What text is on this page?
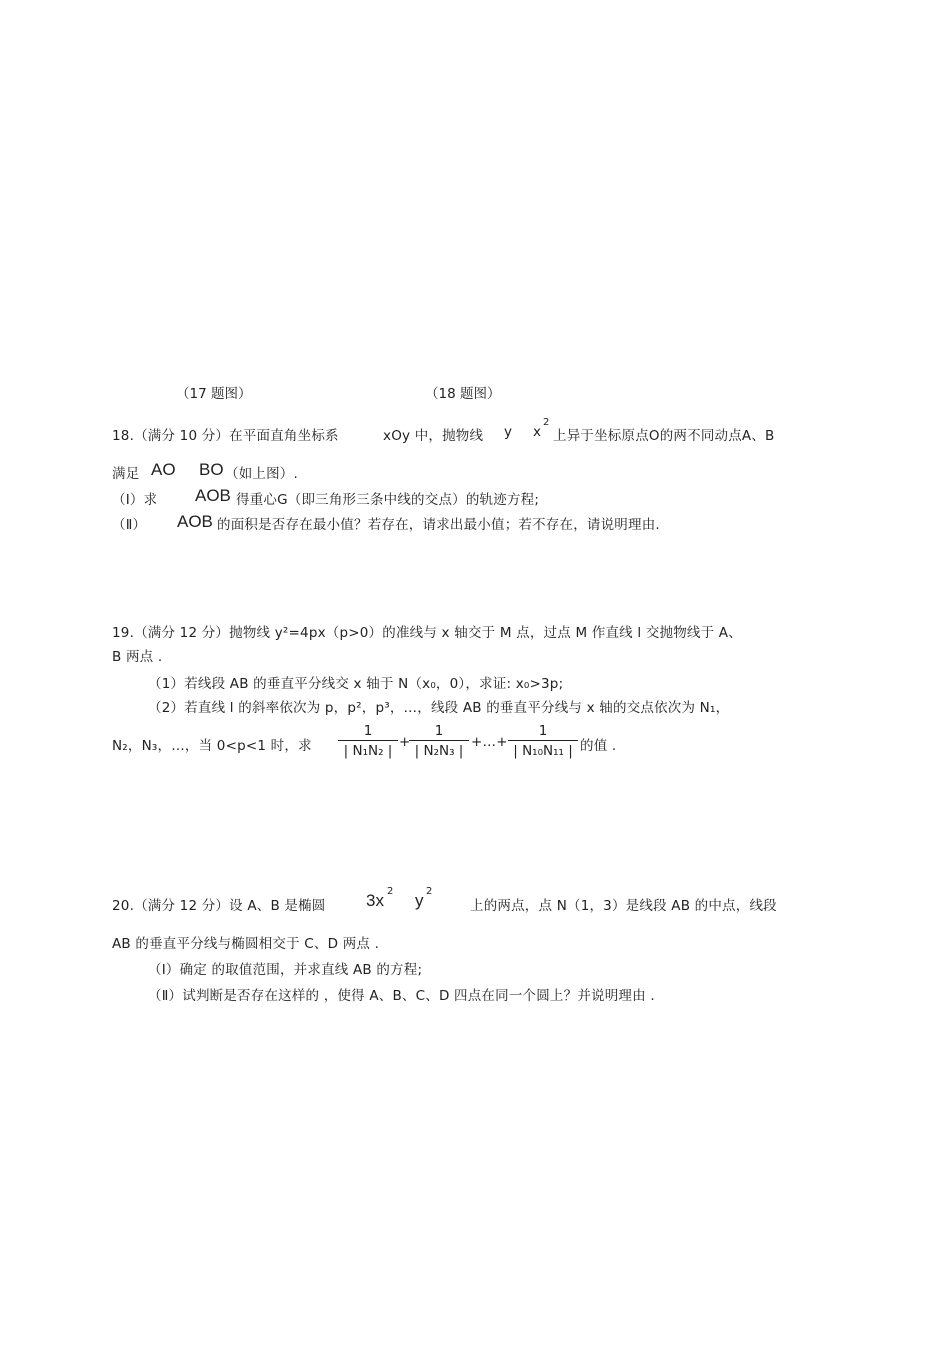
（17 题图）	（18 题图）
18.（满分 10 分）在平面直角坐标系	xOy 中，抛物线 y x
2
上异于坐标原点O的两不同动点A、B
满足 AO BO （如上图）.
（Ⅰ）求 AOB 得重心G（即三角形三条中线的交点）的轨迹方程;
（Ⅱ） AOB 的面积是否存在最小值？若存在，请求出最小值；若不存在，请说明理由.
19.（满分 12 分）抛物线 y²=4px（p>0）的准线与 x 轴交于 M 点，过点 M 作直线 l 交抛物线于 A、
B 两点 .
（1）若线段 AB 的垂直平分线交 x 轴于 N（x₀，0），求证: x₀>3p;
（2）若直线 l 的斜率依次为 p，p²，p³，…，线段 AB 的垂直平分线与 x 轴的交点依次为 N₁，
N₂，N₃，…，当 0<p<1 时，求
1
| N₁N₂ |
+
1
| N₂N₃ |
+…+
1
| N₁₀N₁₁ | 的值 .
20.（满分 12 分）设 A、B 是椭圆 3x 2 y 2
上的两点，点 N（1，3）是线段 AB 的中点，线段
AB 的垂直平分线与椭圆相交于 C、D 两点 .
（Ⅰ）确定 的取值范围，并求直线 AB 的方程;
（Ⅱ）试判断是否存在这样的 ，使得 A、B、C、D 四点在同一个圆上？并说明理由 .
